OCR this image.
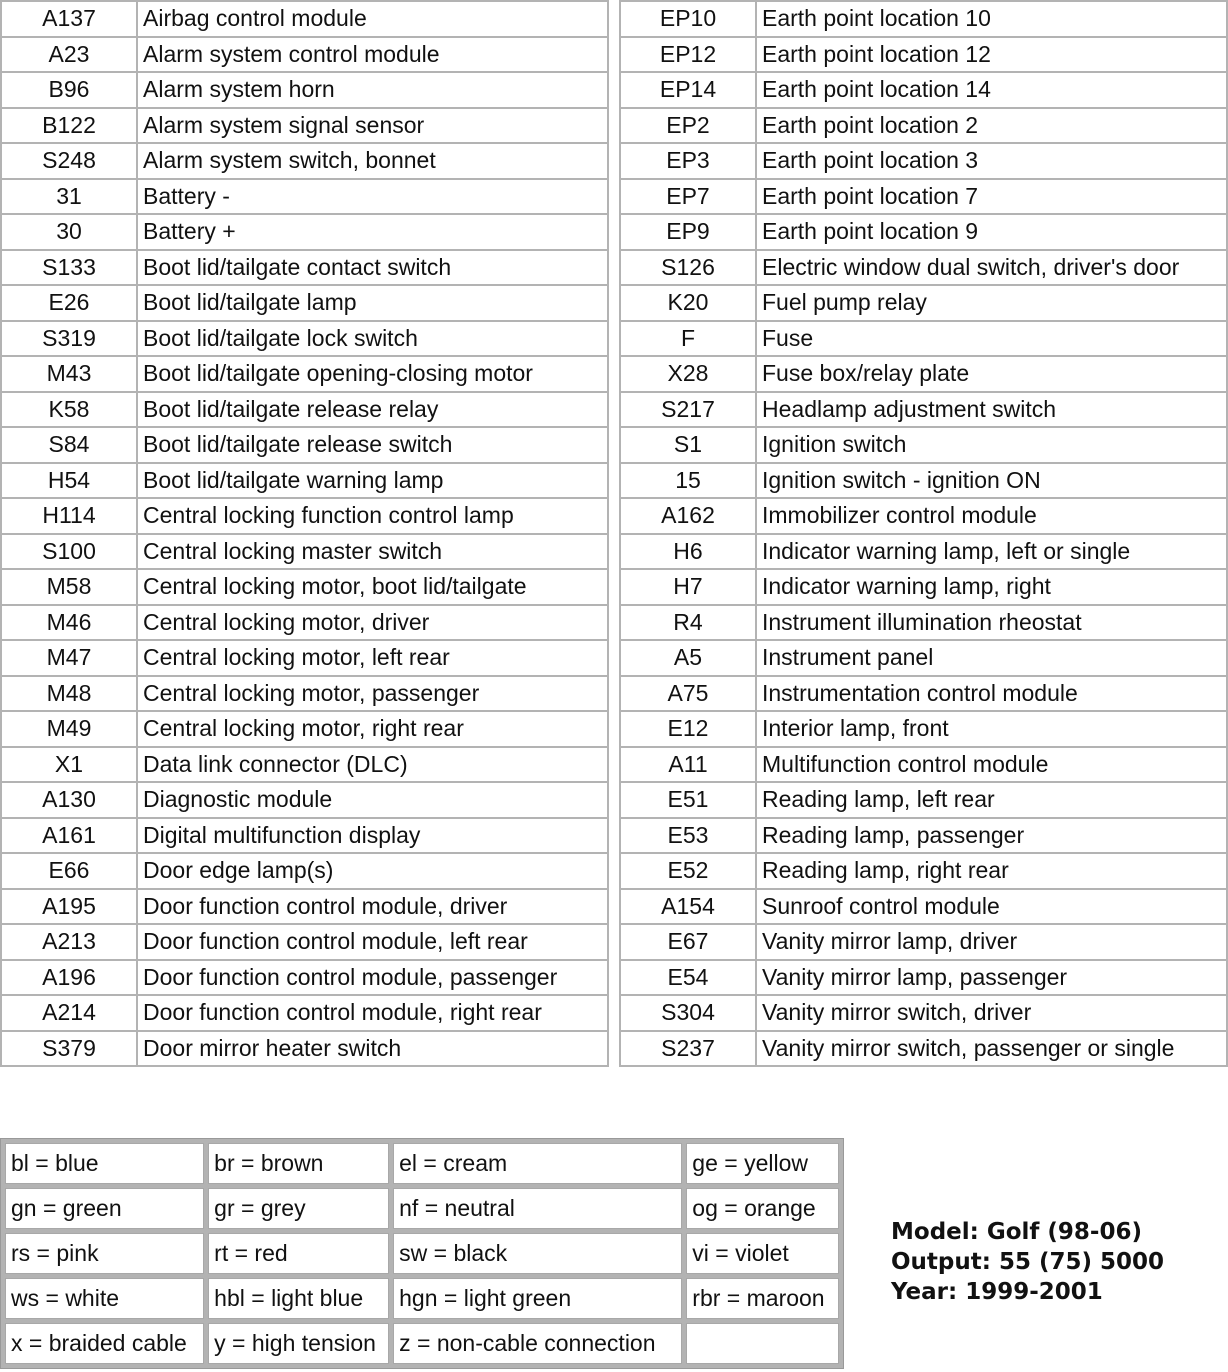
A137	Airbag control module
A23	Alarm system control module
B96	Alarm system horn
B122	Alarm system signal sensor
S248	Alarm system switch, bonnet
31	Battery -
30	Battery +
S133	Boot lid/tailgate contact switch
E26	Boot lid/tailgate lamp
S319	Boot lid/tailgate lock switch
M43	Boot lid/tailgate opening-closing motor
K58	Boot lid/tailgate release relay
S84	Boot lid/tailgate release switch
H54	Boot lid/tailgate warning lamp
H114	Central locking function control lamp
S100	Central locking master switch
M58	Central locking motor, boot lid/tailgate
M46	Central locking motor, driver
M47	Central locking motor, left rear
M48	Central locking motor, passenger
M49	Central locking motor, right rear
X1	Data link connector (DLC)
A130	Diagnostic module
A161	Digital multifunction display
E66	Door edge lamp(s)
A195	Door function control module, driver
A213	Door function control module, left rear
A196	Door function control module, passenger
A214	Door function control module, right rear
S379	Door mirror heater switch
EP10	Earth point location 10
EP12	Earth point location 12
EP14	Earth point location 14
EP2	Earth point location 2
EP3	Earth point location 3
EP7	Earth point location 7
EP9	Earth point location 9
S126	Electric window dual switch, driver's door
K20	Fuel pump relay
F	Fuse
X28	Fuse box/relay plate
S217	Headlamp adjustment switch
S1	Ignition switch
15	Ignition switch - ignition ON
A162	Immobilizer control module
H6	Indicator warning lamp, left or single
H7	Indicator warning lamp, right
R4	Instrument illumination rheostat
A5	Instrument panel
A75	Instrumentation control module
E12	Interior lamp, front
A11	Multifunction control module
E51	Reading lamp, left rear
E53	Reading lamp, passenger
E52	Reading lamp, right rear
A154	Sunroof control module
E67	Vanity mirror lamp, driver
E54	Vanity mirror lamp, passenger
S304	Vanity mirror switch, driver
S237	Vanity mirror switch, passenger or single
bl = blue	br = brown	el = cream	ge = yellow
gn = green	gr = grey	nf = neutral	og = orange
rs = pink	rt = red	sw = black	vi = violet
ws = white	hbl = light blue	hgn = light green	rbr = maroon
x = braided cable	y = high tension	z = non-cable connection	
Model: Golf (98-06)
Output: 55 (75) 5000
Year: 1999-2001
